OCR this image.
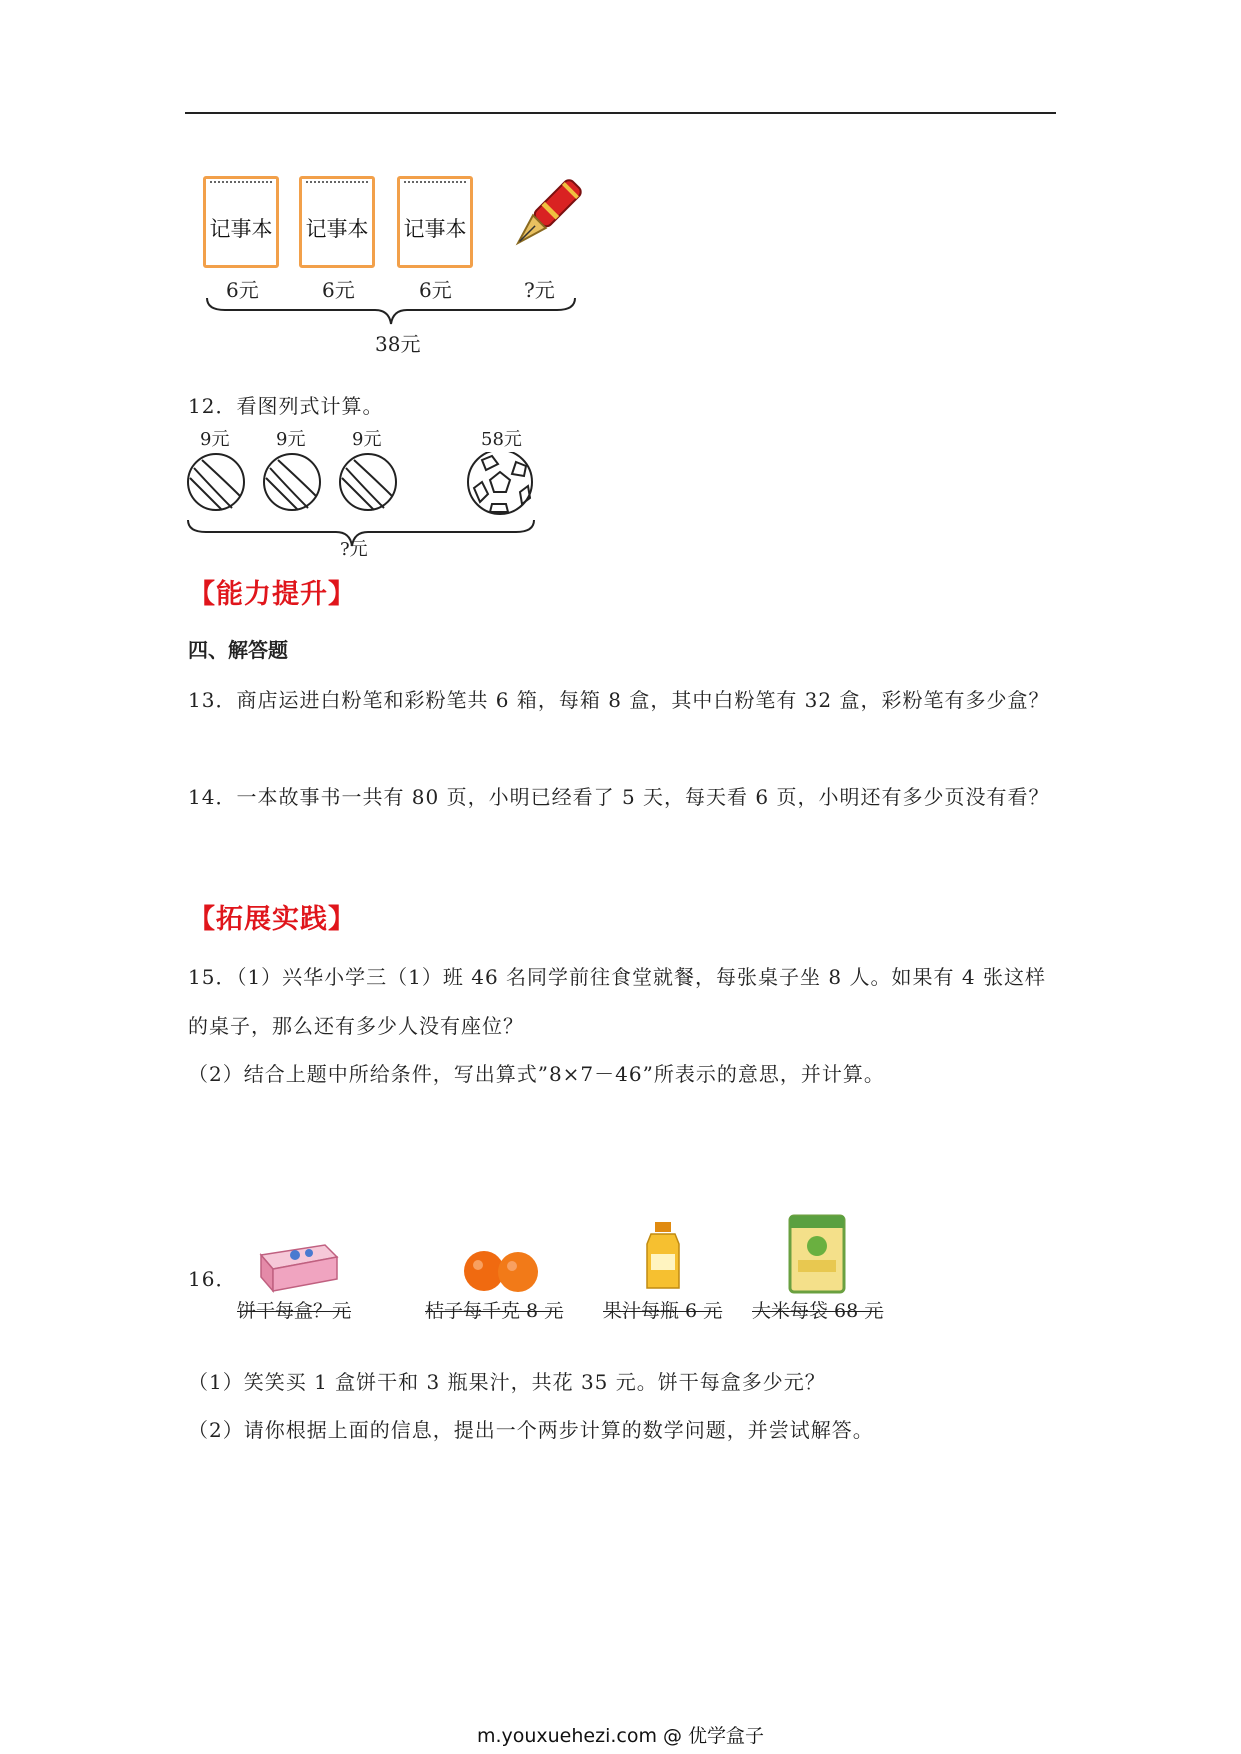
记事本 记事本 记事本
6元	6元	6元	?元
38元
12．看图列式计算。
9元	9元	9元	58元
?元
【能力提升】
四、解答题
13．商店运进白粉笔和彩粉笔共 6 箱，每箱 8 盒，其中白粉笔有 32 盒，彩粉笔有多少盒？
14．一本故事书一共有 80 页，小明已经看了 5 天，每天看 6 页，小明还有多少页没有看？
【拓展实践】
15．（1）兴华小学三（1）班 46 名同学前往食堂就餐，每张桌子坐 8 人。如果有 4 张这样
的桌子，那么还有多少人没有座位？
（2）结合上题中所给条件，写出算式”8×7－46”所表示的意思，并计算。
16．
饼干每盒？元	桔子每千克 8 元 果汁每瓶 6 元 大米每袋 68 元
（1）笑笑买 1 盒饼干和 3 瓶果汁，共花 35 元。饼干每盒多少元？
（2）请你根据上面的信息，提出一个两步计算的数学问题，并尝试解答。
m.youxuehezi.com @ 优学盒子
